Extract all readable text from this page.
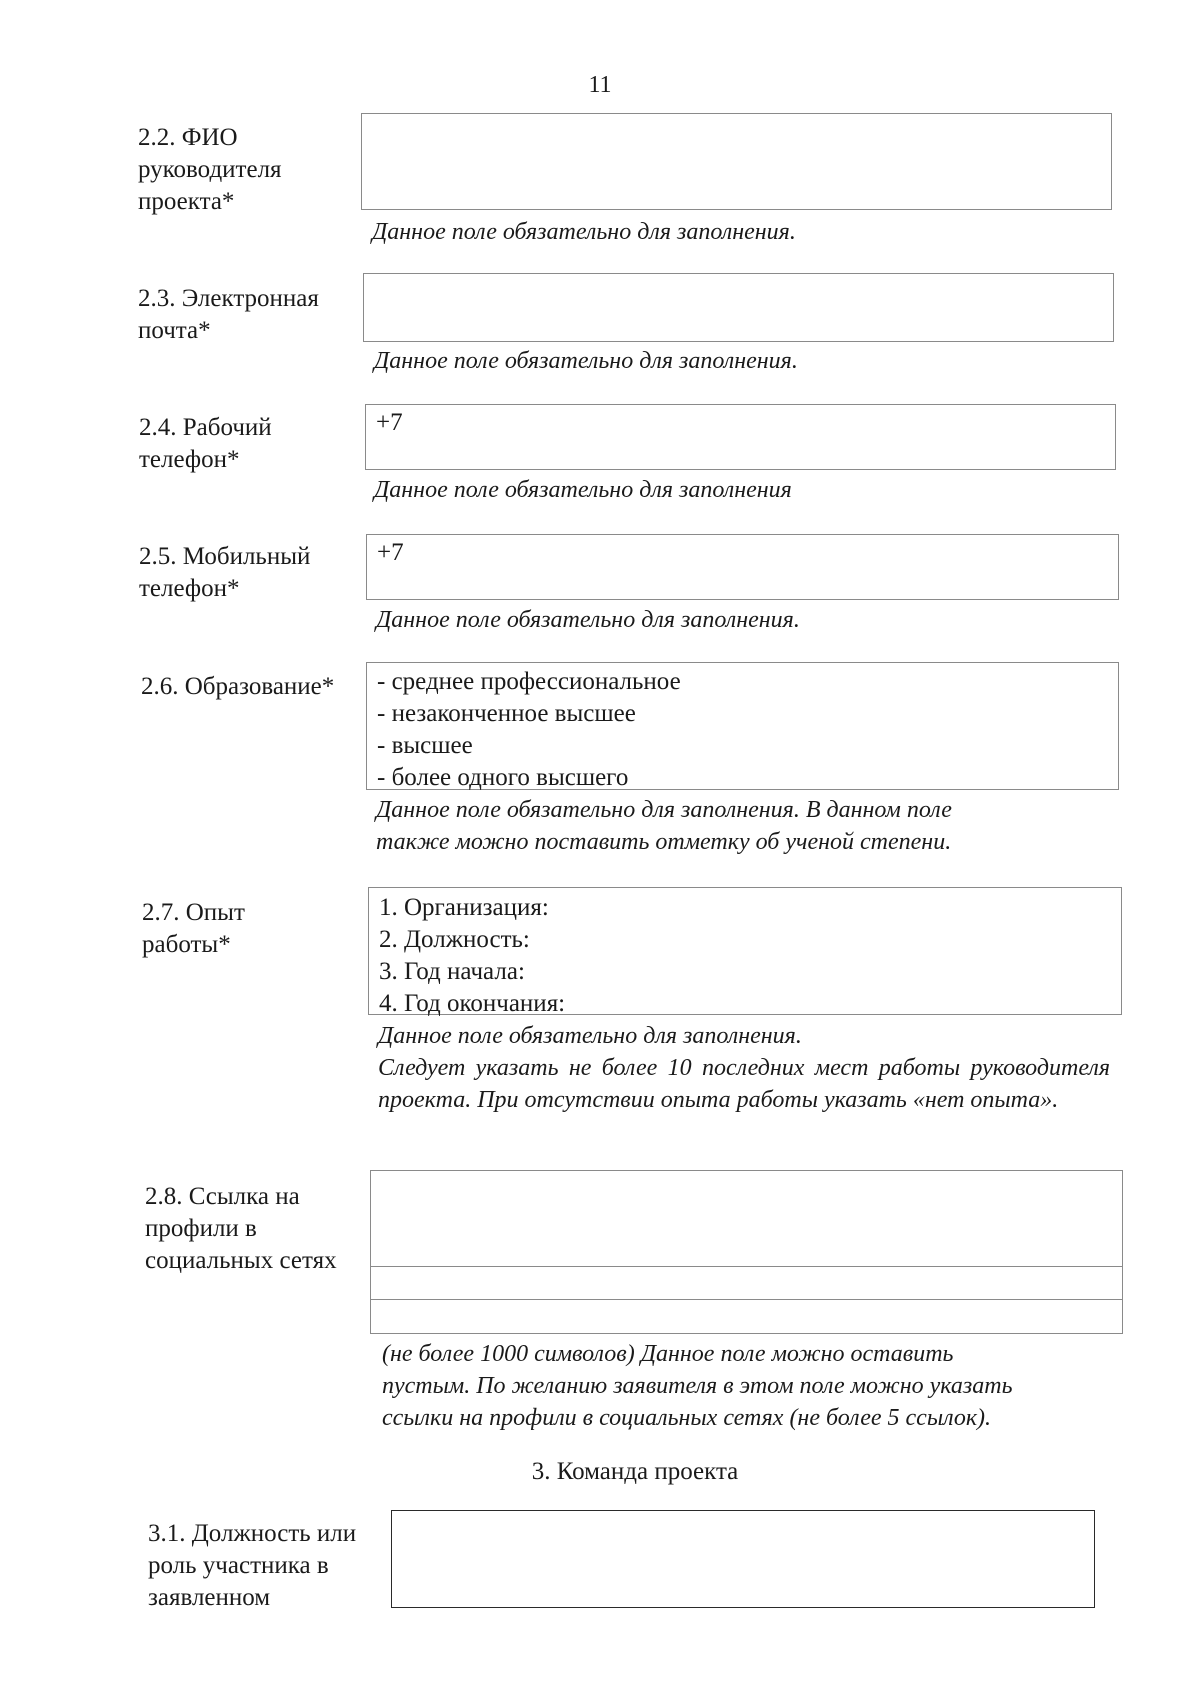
11
2.2. ФИО
руководителя
проекта*
Данное поле обязательно для заполнения.
2.3. Электронная
почта*
Данное поле обязательно для заполнения.
2.4. Рабочий
телефон*
+7
Данное поле обязательно для заполнения
2.5. Мобильный
телефон*
+7
Данное поле обязательно для заполнения.
2.6. Образование* - среднее профессиональное
- незаконченное высшее
- высшее
- более одного высшего
Данное поле обязательно для заполнения. В данном поле
также можно поставить отметку об ученой степени.
2.7. Опыт
работы*
1. Организация:
2. Должность:
3. Год начала:
4. Год окончания:
Данное поле обязательно для заполнения.
Следует указать не более 10 последних мест работы руководителя проекта. При отсутствии опыта работы указать «нет опыта».
2.8. Ссылка на
профили в
социальных сетях
(не более 1000 символов) Данное поле можно оставить
пустым. По желанию заявителя в этом поле можно указать
ссылки на профили в социальных сетях (не более 5 ссылок).
3. Команда проекта
3.1. Должность или
роль участника в
заявленном
